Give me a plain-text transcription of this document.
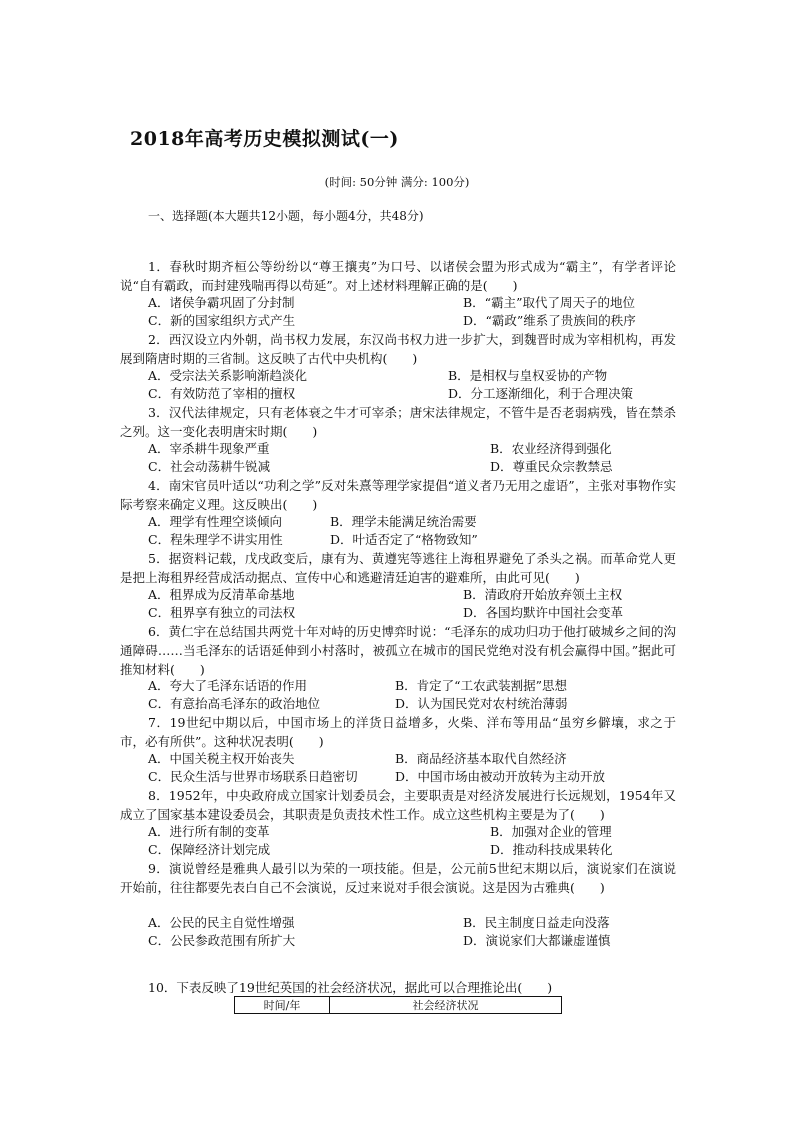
2018年高考历史模拟测试(一)
(时间: 50分钟 满分: 100分)
一、选择题(本大题共12小题，每小题4分，共48分)
1．春秋时期齐桓公等纷纷以“尊王攘夷”为口号、以诸侯会盟为形式成为“霸主”，有学者评论说“自有霸政，而封建残喘再得以苟延”。对上述材料理解正确的是(　　)
A．诸侯争霸巩固了分封制	B．“霸主”取代了周天子的地位
C．新的国家组织方式产生	D．“霸政”维系了贵族间的秩序
2．西汉设立内外朝，尚书权力发展，东汉尚书权力进一步扩大，到魏晋时成为宰相机构，再发展到隋唐时期的三省制。这反映了古代中央机构(　　)
A．受宗法关系影响渐趋淡化	B．是相权与皇权妥协的产物
C．有效防范了宰相的擅权	D．分工逐渐细化，利于合理决策
3．汉代法律规定，只有老体衰之牛才可宰杀；唐宋法律规定，不管牛是否老弱病残，皆在禁杀之列。这一变化表明唐宋时期(　　)
A．宰杀耕牛现象严重	B．农业经济得到强化
C．社会动荡耕牛锐减	D．尊重民众宗教禁忌
4．南宋官员叶适以“功利之学”反对朱熹等理学家提倡“道义者乃无用之虚语”，主张对事物作实际考察来确定义理。这反映出(　　)
A．理学有性理空谈倾向	B．理学未能满足统治需要
C．程朱理学不讲实用性	D．叶适否定了“格物致知”
5．据资料记载，戊戌政变后，康有为、黄遵宪等逃往上海租界避免了杀头之祸。而革命党人更是把上海租界经营成活动据点、宣传中心和逃避清廷迫害的避难所，由此可见(　　)
A．租界成为反清革命基地	B．清政府开始放弃领土主权
C．租界享有独立的司法权	D．各国均默许中国社会变革
6．黄仁宇在总结国共两党十年对峙的历史博弈时说：“毛泽东的成功归功于他打破城乡之间的沟通障碍……当毛泽东的话语延伸到小村落时，被孤立在城市的国民党绝对没有机会赢得中国。”据此可推知材料(　　)
A．夸大了毛泽东话语的作用	B．肯定了“工农武装割据”思想
C．有意抬高毛泽东的政治地位	D．认为国民党对农村统治薄弱
7．19世纪中期以后，中国市场上的洋货日益增多，火柴、洋布等用品“虽穷乡僻壤，求之于市，必有所供”。这种状况表明(　　)
A．中国关税主权开始丧失	B．商品经济基本取代自然经济
C．民众生活与世界市场联系日趋密切	D．中国市场由被动开放转为主动开放
8．1952年，中央政府成立国家计划委员会，主要职责是对经济发展进行长远规划，1954年又成立了国家基本建设委员会，其职责是负责技术性工作。成立这些机构主要是为了(　　)
A．进行所有制的变革	B．加强对企业的管理
C．保障经济计划完成	D．推动科技成果转化
9．演说曾经是雅典人最引以为荣的一项技能。但是，公元前5世纪末期以后，演说家们在演说开始前，往往都要先表白自己不会演说，反过来说对手很会演说。这是因为古雅典(　　)
A．公民的民主自觉性增强	B．民主制度日益走向没落
C．公民参政范围有所扩大	D．演说家们大都谦虚谨慎
10．下表反映了19世纪英国的社会经济状况，据此可以合理推论出(　　)
时间/年	社会经济状况
